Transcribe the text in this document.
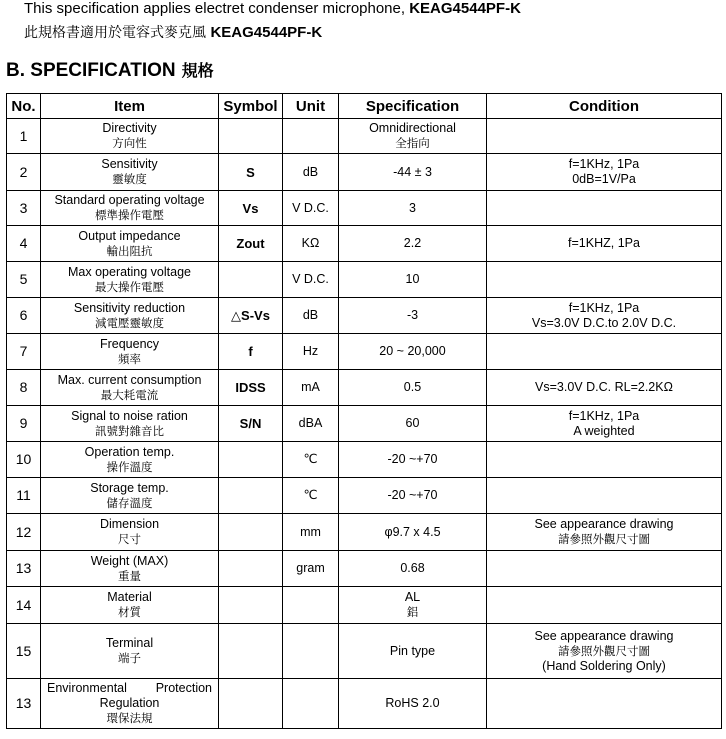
This specification applies electret condenser microphone, KEAG4544PF-K
此規格書適用於電容式麥克風 KEAG4544PF-K
B. SPECIFICATION 規格
No.	Item	Symbol	Unit	Specification	Condition
1	Directivity
方向性			Omnidirectional
全指向	

2	Sensitivity
靈敏度	S	dB	-44 ± 3	f=1KHz, 1Pa
0dB=1V/Pa

3	Standard operating voltage
標準操作電壓	Vs	V D.C.	3	

4	Output impedance
輸出阻抗	Zout	KΩ	2.2	f=1KHZ, 1Pa

5	Max operating voltage
最大操作電壓		V D.C.	10	

6	Sensitivity reduction
減電壓靈敏度	△S-Vs	dB	-3	f=1KHz, 1Pa
Vs=3.0V D.C.to 2.0V D.C.

7	Frequency
頻率	f	Hz	20 ~ 20,000	

8	Max. current consumption
最大耗電流	IDSS	mA	0.5	Vs=3.0V D.C. RL=2.2KΩ

9	Signal to noise ration
訊號對雜音比	S/N	dBA	60	f=1KHz, 1Pa
A weighted

10	Operation temp.
操作溫度		℃	-20 ~+70	

11	Storage temp.
儲存溫度		℃	-20 ~+70	

12	Dimension
尺寸		mm	φ9.7 x 4.5	See appearance drawing
請參照外觀尺寸圖

13	Weight (MAX)
重量		gram	0.68	

14	Material
材質			AL
鋁	

15	Terminal
端子			Pin type	See appearance drawing
請參照外觀尺寸圖
(Hand Soldering Only)

13	Environmental Protection
Regulation
環保法規			RoHS 2.0	
